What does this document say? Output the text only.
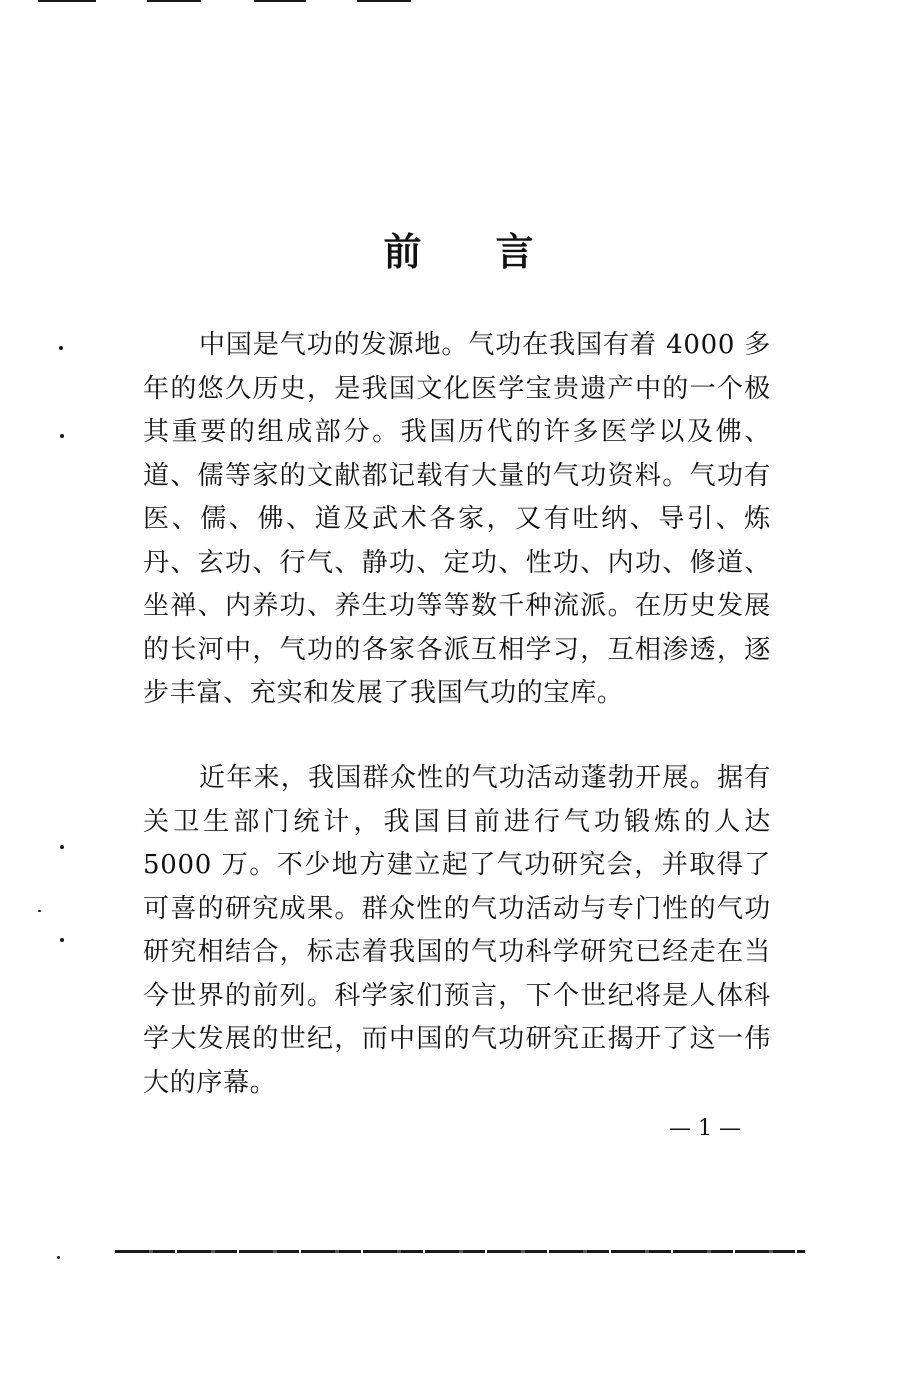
前言

中国是气功的发源地。气功在我国有着 4000 多年的悠久历史，是我国文化医学宝贵遗产中的一个极其重要的组成部分。我国历代的许多医学以及佛、道、儒等家的文献都记载有大量的气功资料。气功有医、儒、佛、道及武术各家，又有吐纳、导引、炼丹、玄功、行气、静功、定功、性功、内功、修道、坐禅、内养功、养生功等等数千种流派。在历史发展的长河中，气功的各家各派互相学习，互相渗透，逐步丰富、充实和发展了我国气功的宝库。

近年来，我国群众性的气功活动蓬勃开展。据有关卫生部门统计，我国目前进行气功锻炼的人达 5000 万。不少地方建立起了气功研究会，并取得了可喜的研究成果。群众性的气功活动与专门性的气功研究相结合，标志着我国的气功科学研究已经走在当今世界的前列。科学家们预言，下个世纪将是人体科学大发展的世纪，而中国的气功研究正揭开了这一伟大的序幕。

— 1 —
